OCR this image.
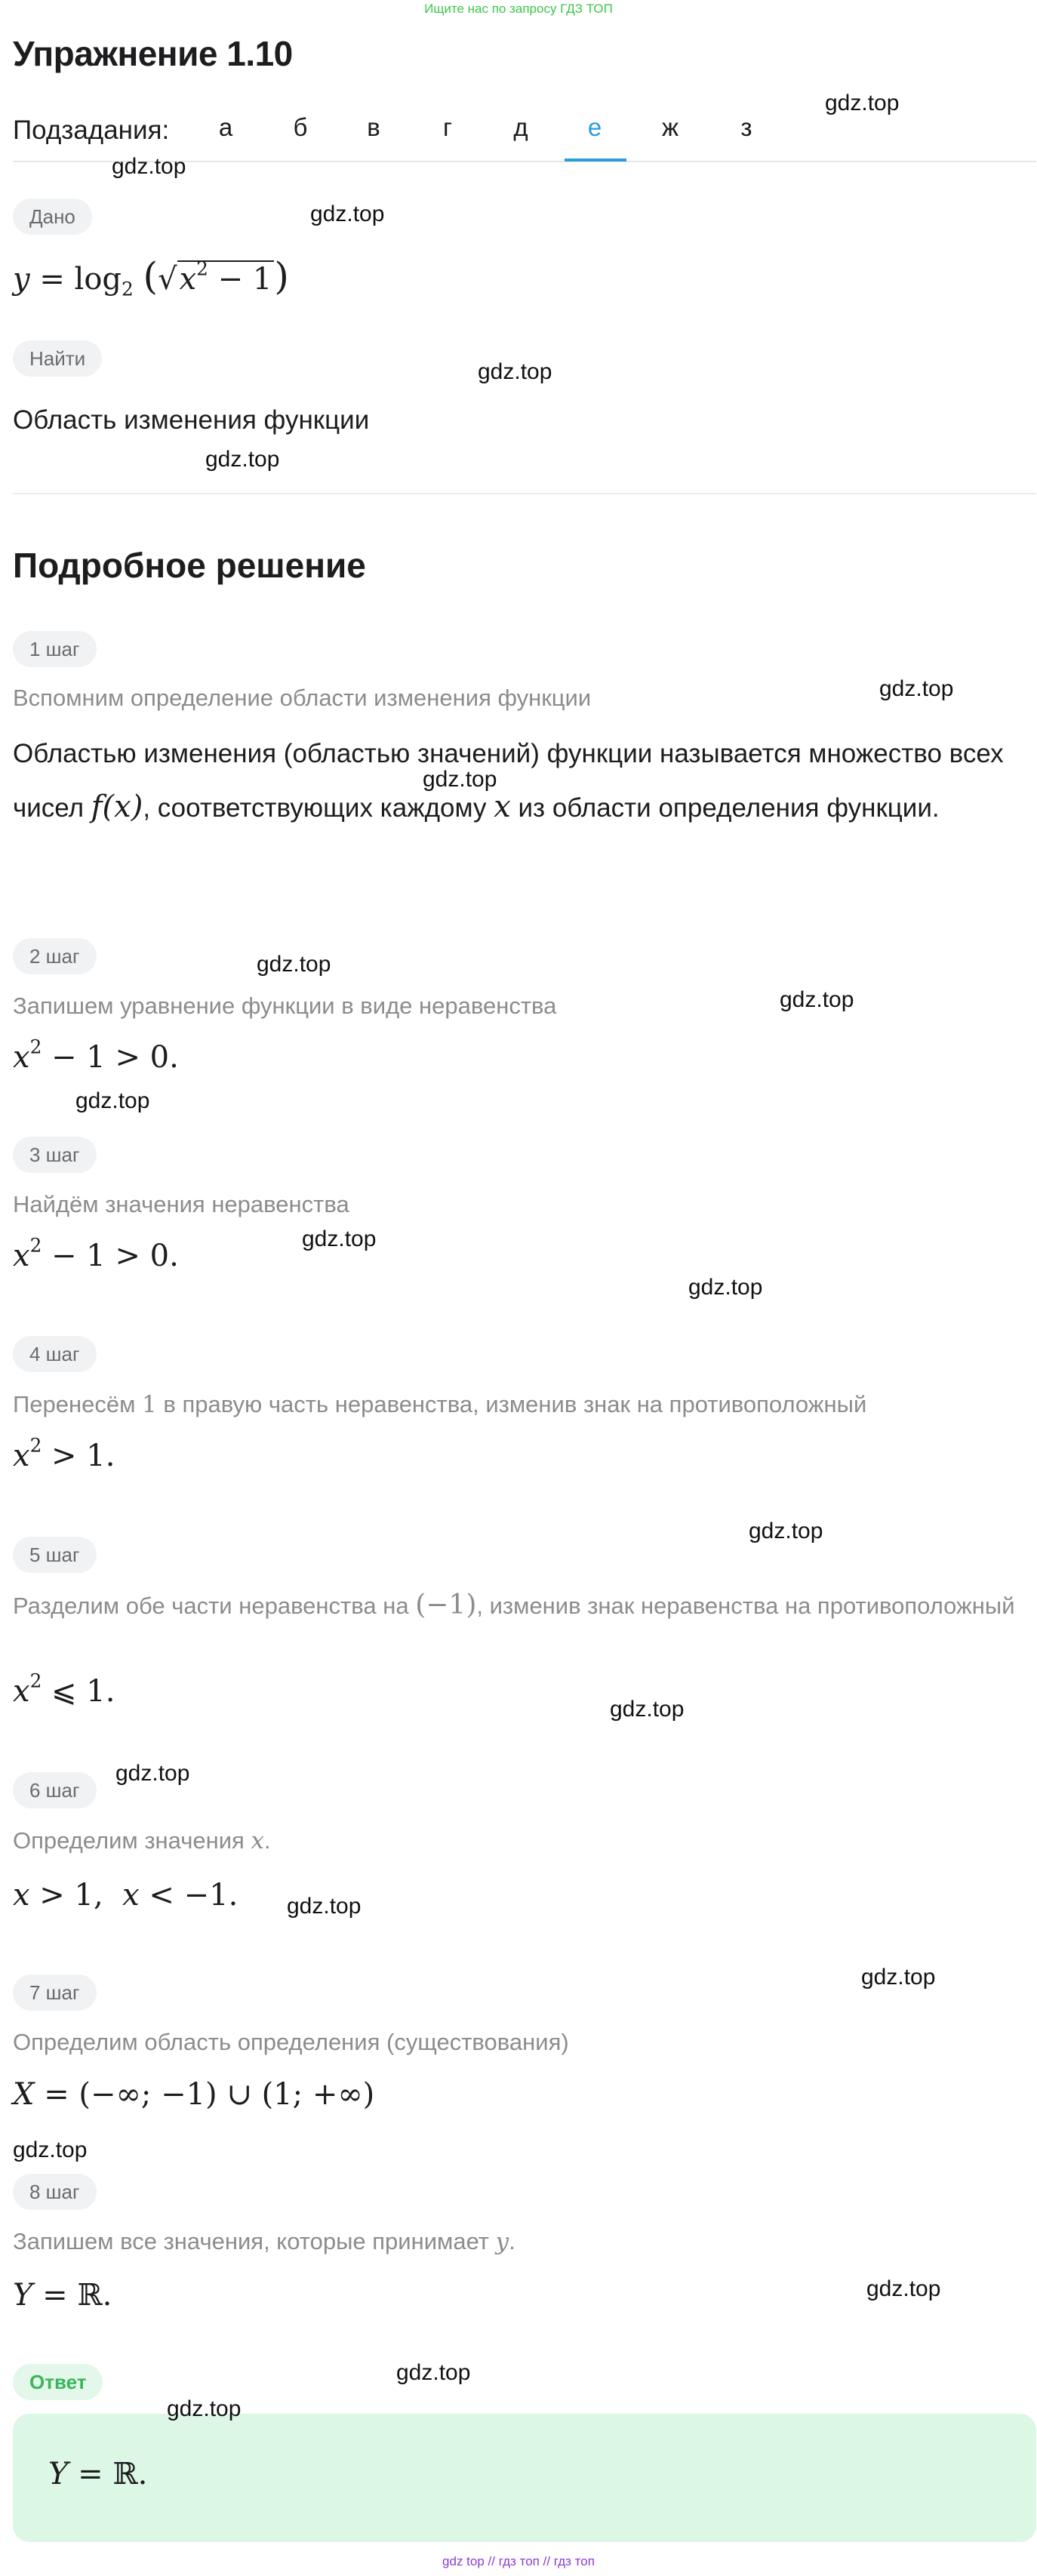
Ищите нас по запросу ГДЗ ТОП
Упражнение 1.10
Подзадания:	а	б	в	г	д	е	ж	з
Дано
$y = \log_2 (√x^2 - 1)$
Найти
Область изменения функции
Подробное решение
1 шаг
Вспомним определение области изменения функции
Областью изменения (областью значений) функции называется множество всех чисел f(x), соответствующих каждому x из области определения функции.
2 шаг
Запишем уравнение функции в виде неравенства
$x^2 - 1 > 0$.
3 шаг
Найдём значения неравенства
$x^2 - 1 > 0$.
4 шаг
Перенесём 1 в правую часть неравенства, изменив знак на противоположный
$x^2 > 1$.
5 шаг
Разделим обе части неравенства на (−1), изменив знак неравенства на противоположный
$x^2$ ⩽ 1.
6 шаг
Определим значения x.
x > 1,  x < −1.
7 шаг
Определим область определения (существования)
X = (−∞; −1) ∪ (1; +∞)
8 шаг
Запишем все значения, которые принимает y.
Y = ℝ.
Ответ
Y = ℝ.
gdz.top
gdz.top
gdz.top
gdz.top
gdz.top
gdz.top
gdz.top
gdz.top
gdz.top
gdz.top
gdz.top
gdz.top
gdz.top
gdz.top
gdz.top
gdz.top
gdz.top
gdz.top
gdz.top
gdz.top
gdz.top
gdz top // гдз топ // гдз топ
